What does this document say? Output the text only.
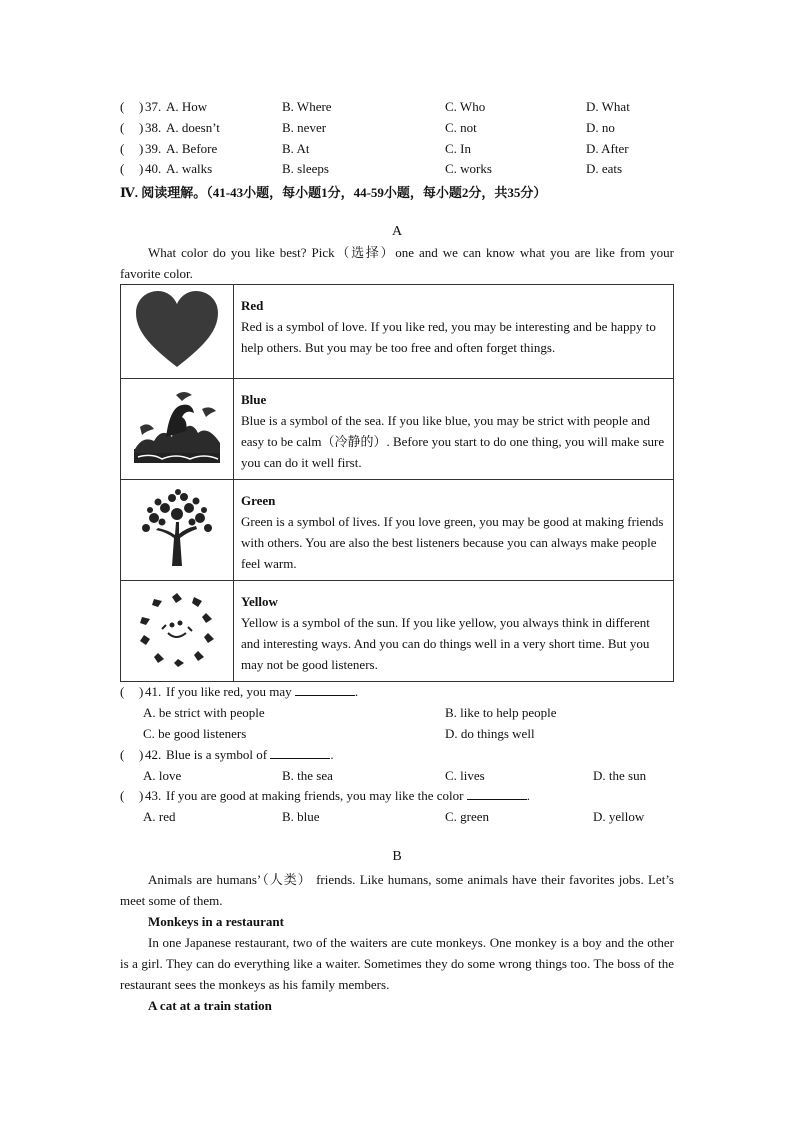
( ) 37. A. How	B. Where	C. Who	D. What
( ) 38. A. doesn’t	B. never	C. not	D. no
( ) 39. A. Before	B. At	C. In	D. After
( ) 40. A. walks	B. sleeps	C. works	D. eats
Ⅳ. 阅读理解。（41-43小题，每小题1分，44-59小题，每小题2分，共35分）
A
What color do you like best? Pick（选择）one and we can know what you are like from your favorite color.

Red
Red is a symbol of love. If you like red, you may be interesting and be happy to help others. But you may be too free and often forget things.

Blue
Blue is a symbol of the sea. If you like blue, you may be strict with people and easy to be calm（冷静的）. Before you start to do one thing, you will make sure you can do it well first.

Green
Green is a symbol of lives. If you love green, you may be good at making friends with others. You are also the best listeners because you can always make people feel warm.

Yellow
Yellow is a symbol of the sun. If you like yellow, you always think in different and interesting ways. And you can do things well in a very short time. But you may not be good listeners.
( ) 41. If you like red, you may	.
A. be strict with people	B. like to help people
C. be good listeners	D. do things well
( ) 42. Blue is a symbol of	.
A. love	B. the sea	C. lives	D. the sun
( ) 43. If you are good at making friends, you may like the color	.
A. red	B. blue	C. green	D. yellow
B
Animals are humans’（人类） friends. Like humans, some animals have their favorites jobs. Let’s meet some of them.
Monkeys in a restaurant
In one Japanese restaurant, two of the waiters are cute monkeys. One monkey is a boy and the other is a girl. They can do everything like a waiter. Sometimes they do some wrong things too. The boss of the restaurant sees the monkeys as his family members.
A cat at a train station
